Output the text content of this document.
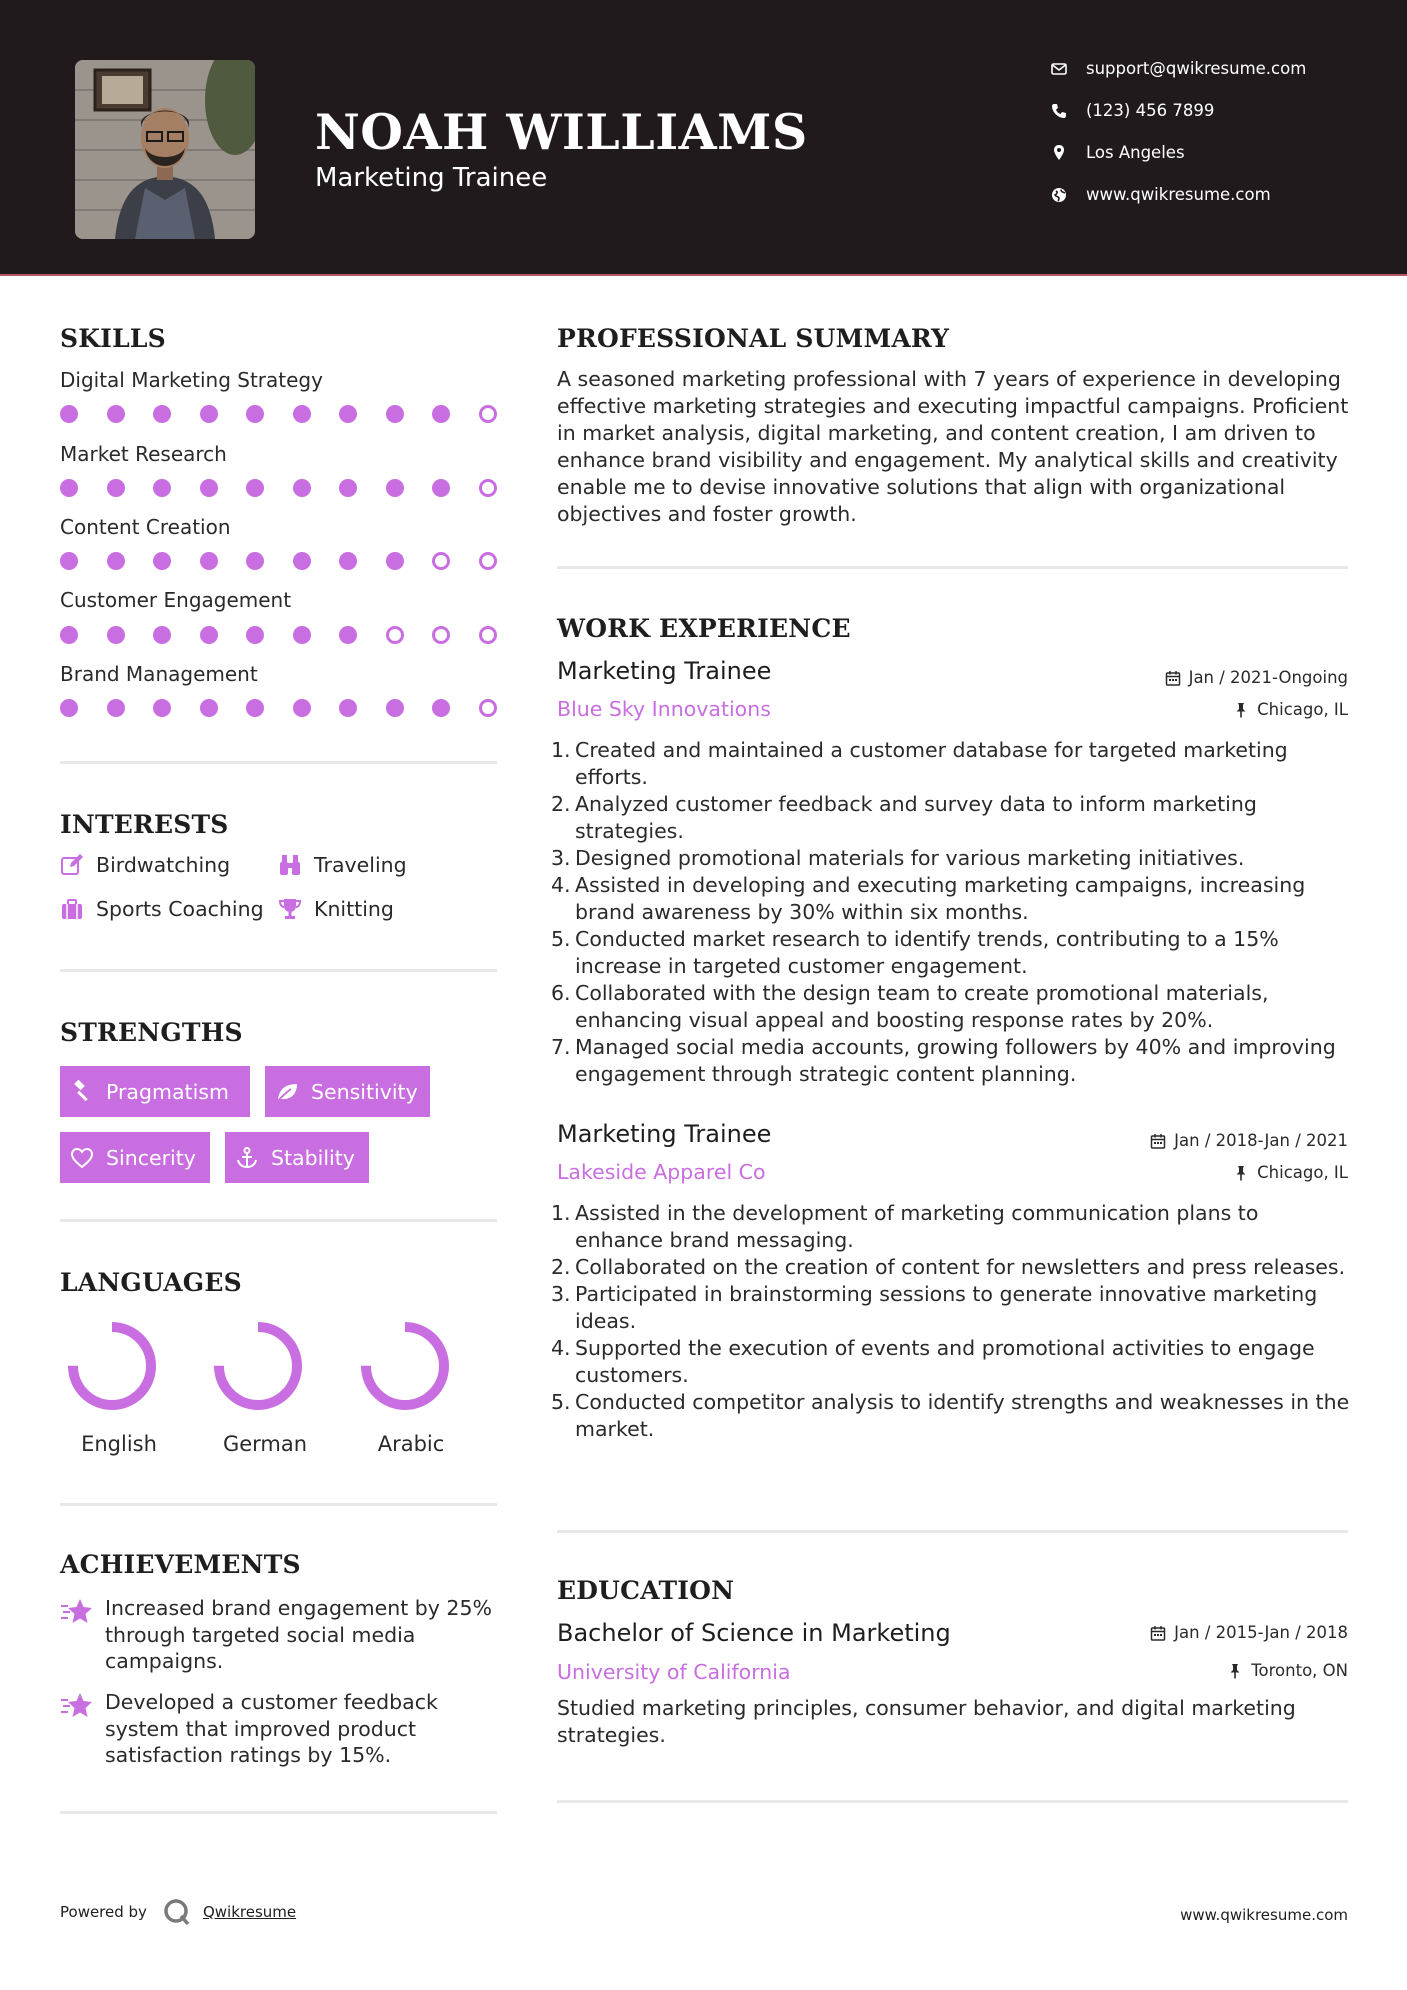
NOAH WILLIAMS
Marketing Trainee
support@qwikresume.com
(123) 456 7899
Los Angeles
www.qwikresume.com
SKILLS
Digital Marketing Strategy
Market Research
Content Creation
Customer Engagement
Brand Management
INTERESTS
Birdwatching	Traveling
Sports Coaching Knitting
STRENGTHS
Pragmatism	Sensitivity
Sincerity	Stability
LANGUAGES
English	German	Arabic
ACHIEVEMENTS
Increased brand engagement by 25% through targeted social media campaigns.
Developed a customer feedback system that improved product satisfaction ratings by 15%.
PROFESSIONAL SUMMARY
A seasoned marketing professional with 7 years of experience in developing effective marketing strategies and executing impactful campaigns. Proficient in market analysis, digital marketing, and content creation, I am driven to enhance brand visibility and engagement. My analytical skills and creativity enable me to devise innovative solutions that align with organizational objectives and foster growth.
WORK EXPERIENCE
Marketing Trainee	Jan / 2021-Ongoing
Blue Sky Innovations	Chicago, IL
1. Created and maintained a customer database for targeted marketing efforts.
2. Analyzed customer feedback and survey data to inform marketing strategies.
3. Designed promotional materials for various marketing initiatives.
4. Assisted in developing and executing marketing campaigns, increasing brand awareness by 30% within six months.
5. Conducted market research to identify trends, contributing to a 15% increase in targeted customer engagement.
6. Collaborated with the design team to create promotional materials, enhancing visual appeal and boosting response rates by 20%.
7. Managed social media accounts, growing followers by 40% and improving engagement through strategic content planning.
Marketing Trainee	Jan / 2018-Jan / 2021
Lakeside Apparel Co	Chicago, IL
1. Assisted in the development of marketing communication plans to enhance brand messaging.
2. Collaborated on the creation of content for newsletters and press releases.
3. Participated in brainstorming sessions to generate innovative marketing ideas.
4. Supported the execution of events and promotional activities to engage customers.
5. Conducted competitor analysis to identify strengths and weaknesses in the market.
EDUCATION
Bachelor of Science in Marketing	Jan / 2015-Jan / 2018
University of California	Toronto, ON
Studied marketing principles, consumer behavior, and digital marketing strategies.
Powered by	Qwikresume	www.qwikresume.com
